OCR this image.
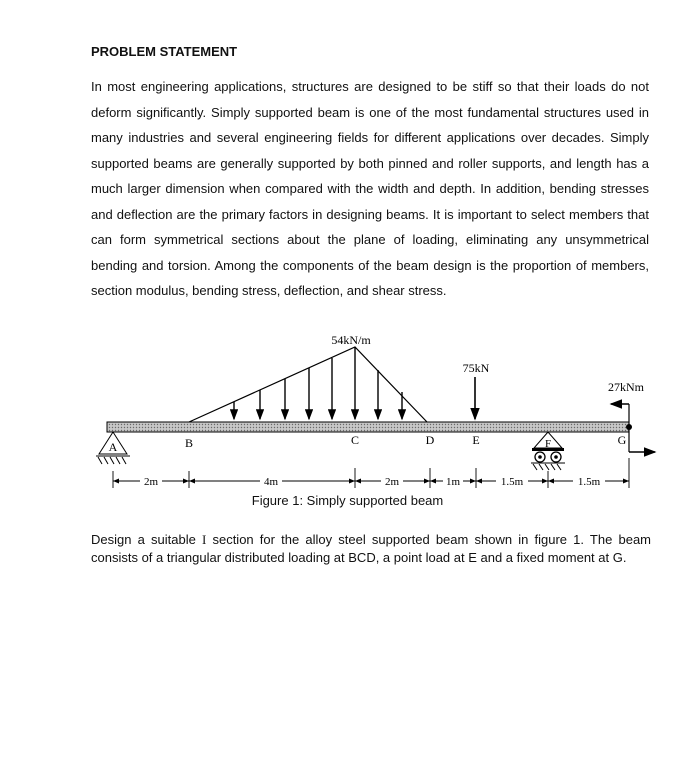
PROBLEM STATEMENT
In most engineering applications, structures are designed to be stiff so that their loads do not deform significantly. Simply supported beam is one of the most fundamental structures used in many industries and several engineering fields for different applications over decades. Simply supported beams are generally supported by both pinned and roller supports, and length has a much larger dimension when compared with the width and depth. In addition, bending stresses and deflection are the primary factors in designing beams. It is important to select members that can form symmetrical sections about the plane of loading, eliminating any unsymmetrical bending and torsion. Among the components of the beam design is the proportion of members, section modulus, bending stress, deflection, and shear stress.
54kN/m
75kN
27kNm
A	B	C	D	E	F	G
2m	4m	2m	1m	1.5m	1.5m
Figure 1: Simply supported beam
Design a suitable I section for the alloy steel supported beam shown in figure 1. The beam consists of a triangular distributed loading at BCD, a point load at E and a fixed moment at G.
